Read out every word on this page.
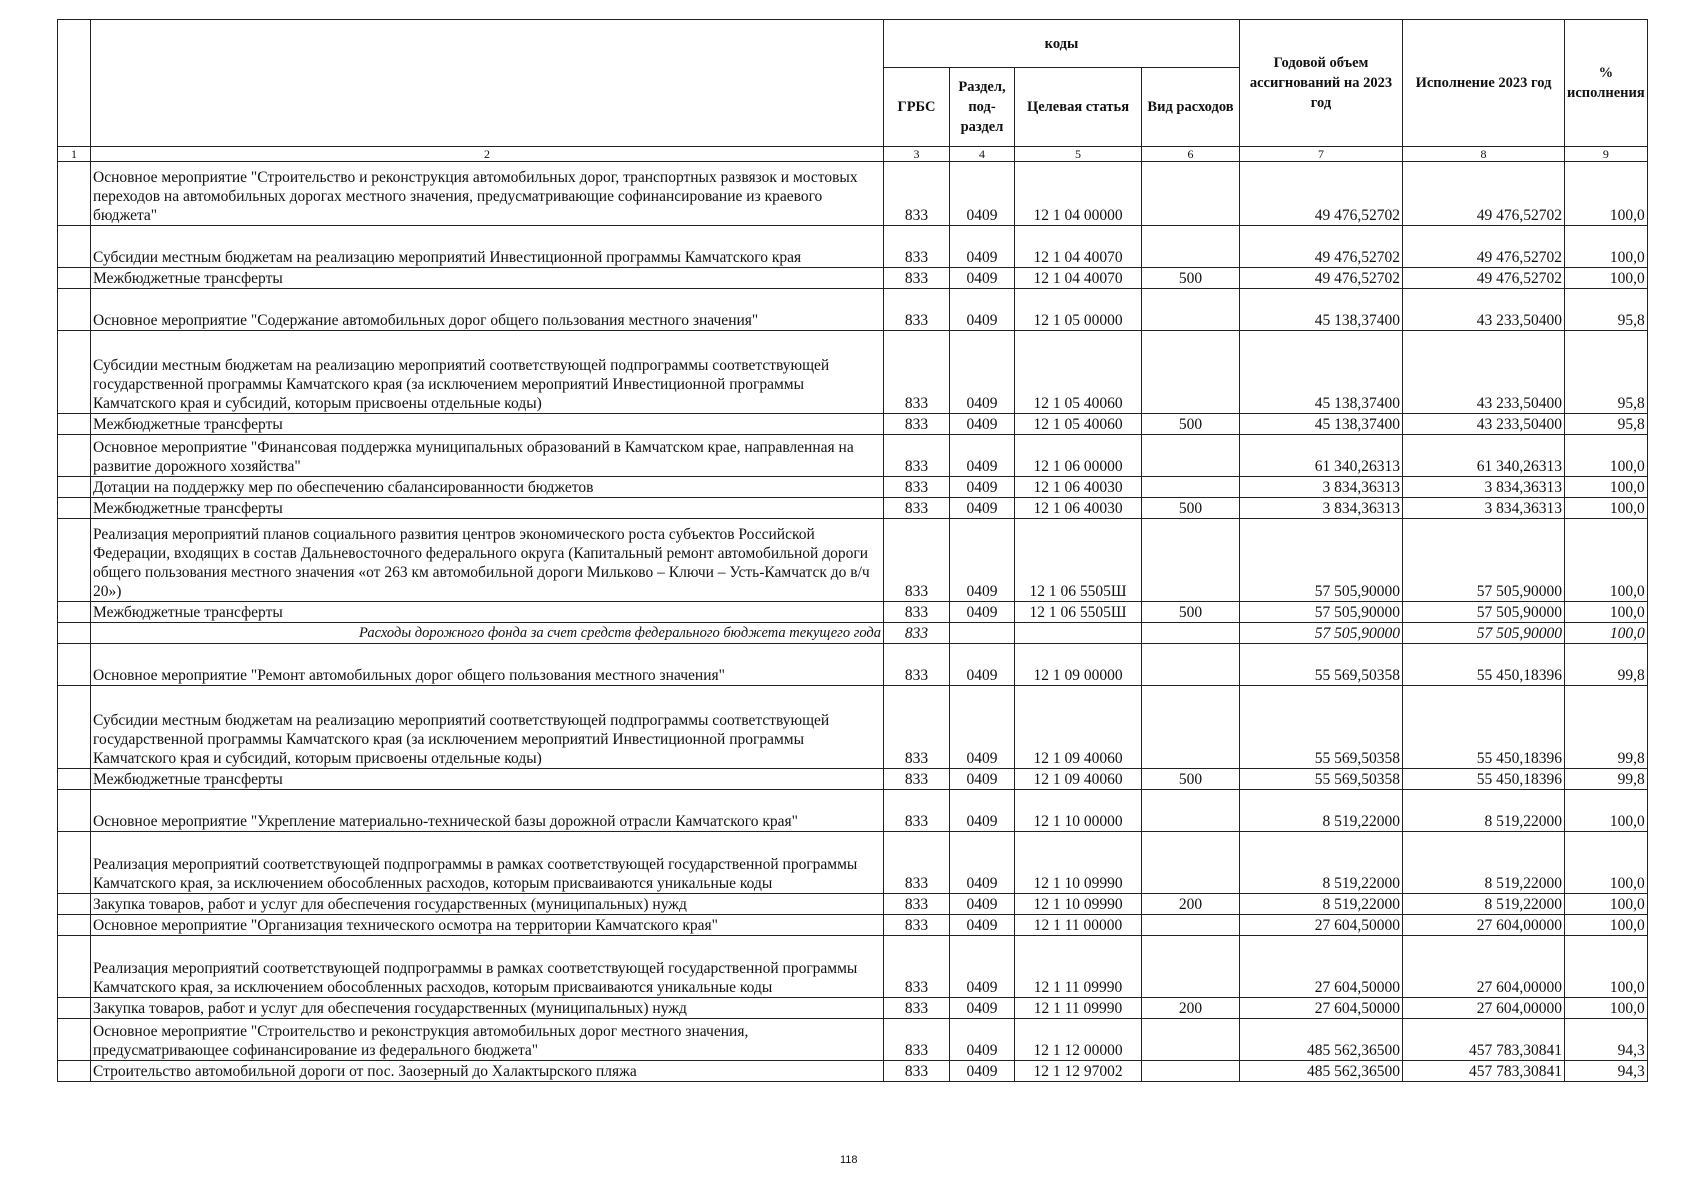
		коды				Годовой объем ассигнований на 2023 год	Исполнение 2023 год	% исполнения
		ГРБС	Раздел, под-раздел	Целевая статья	Вид расходов			
1	2	3	4	5	6	7	8	9
	Основное мероприятие "Строительство и реконструкция автомобильных дорог, транспортных развязок и мостовых переходов на автомобильных дорогах местного значения, предусматривающие софинансирование из краевого бюджета"	833	0409	12 1 04 00000		49 476,52702	49 476,52702	100,0
	Субсидии местным бюджетам на реализацию мероприятий Инвестиционной программы Камчатского края	833	0409	12 1 04 40070		49 476,52702	49 476,52702	100,0
	Межбюджетные трансферты	833	0409	12 1 04 40070	500	49 476,52702	49 476,52702	100,0
	Основное мероприятие "Содержание автомобильных дорог общего пользования местного значения"	833	0409	12 1 05 00000		45 138,37400	43 233,50400	95,8
	Субсидии местным бюджетам на реализацию мероприятий соответствующей подпрограммы соответствующей государственной программы Камчатского края (за исключением мероприятий Инвестиционной программы Камчатского края и субсидий, которым присвоены отдельные коды)	833	0409	12 1 05 40060		45 138,37400	43 233,50400	95,8
	Межбюджетные трансферты	833	0409	12 1 05 40060	500	45 138,37400	43 233,50400	95,8
	Основное мероприятие "Финансовая поддержка муниципальных образований в Камчатском крае, направленная на развитие дорожного хозяйства"	833	0409	12 1 06 00000		61 340,26313	61 340,26313	100,0
	Дотации на поддержку мер по обеспечению сбалансированности бюджетов	833	0409	12 1 06 40030		3 834,36313	3 834,36313	100,0
	Межбюджетные трансферты	833	0409	12 1 06 40030	500	3 834,36313	3 834,36313	100,0
	Реализация мероприятий планов социального развития центров экономического роста субъектов Российской Федерации, входящих в состав Дальневосточного федерального округа (Капитальный ремонт автомобильной дороги общего пользования местного значения «от 263 км автомобильной дороги Мильково – Ключи – Усть-Камчатск до в/ч 20»)	833	0409	12 1 06 5505Ш		57 505,90000	57 505,90000	100,0
	Межбюджетные трансферты	833	0409	12 1 06 5505Ш	500	57 505,90000	57 505,90000	100,0
	Расходы дорожного фонда за счет средств федерального бюджета текущего года	833				57 505,90000	57 505,90000	100,0
	Основное мероприятие "Ремонт автомобильных дорог общего пользования местного значения"	833	0409	12 1 09 00000		55 569,50358	55 450,18396	99,8
	Субсидии местным бюджетам на реализацию мероприятий соответствующей подпрограммы соответствующей государственной программы Камчатского края (за исключением мероприятий Инвестиционной программы Камчатского края и субсидий, которым присвоены отдельные коды)	833	0409	12 1 09 40060		55 569,50358	55 450,18396	99,8
	Межбюджетные трансферты	833	0409	12 1 09 40060	500	55 569,50358	55 450,18396	99,8
	Основное мероприятие "Укрепление материально-технической базы дорожной отрасли Камчатского края"	833	0409	12 1 10 00000		8 519,22000	8 519,22000	100,0
	Реализация мероприятий соответствующей подпрограммы в рамках соответствующей государственной программы Камчатского края, за исключением обособленных расходов, которым присваиваются уникальные коды	833	0409	12 1 10 09990		8 519,22000	8 519,22000	100,0
	Закупка товаров, работ и услуг для обеспечения государственных (муниципальных) нужд	833	0409	12 1 10 09990	200	8 519,22000	8 519,22000	100,0
	Основное мероприятие "Организация технического осмотра на территории Камчатского края"	833	0409	12 1 11 00000		27 604,50000	27 604,00000	100,0
	Реализация мероприятий соответствующей подпрограммы в рамках соответствующей государственной программы Камчатского края, за исключением обособленных расходов, которым присваиваются уникальные коды	833	0409	12 1 11 09990		27 604,50000	27 604,00000	100,0
	Закупка товаров, работ и услуг для обеспечения государственных (муниципальных) нужд	833	0409	12 1 11 09990	200	27 604,50000	27 604,00000	100,0
	Основное мероприятие "Строительство и реконструкция автомобильных дорог местного значения, предусматривающее софинансирование из федерального бюджета"	833	0409	12 1 12 00000		485 562,36500	457 783,30841	94,3
	Строительство автомобильной дороги от пос. Заозерный до Халактырского пляжа	833	0409	12 1 12 97002		485 562,36500	457 783,30841	94,3
118
